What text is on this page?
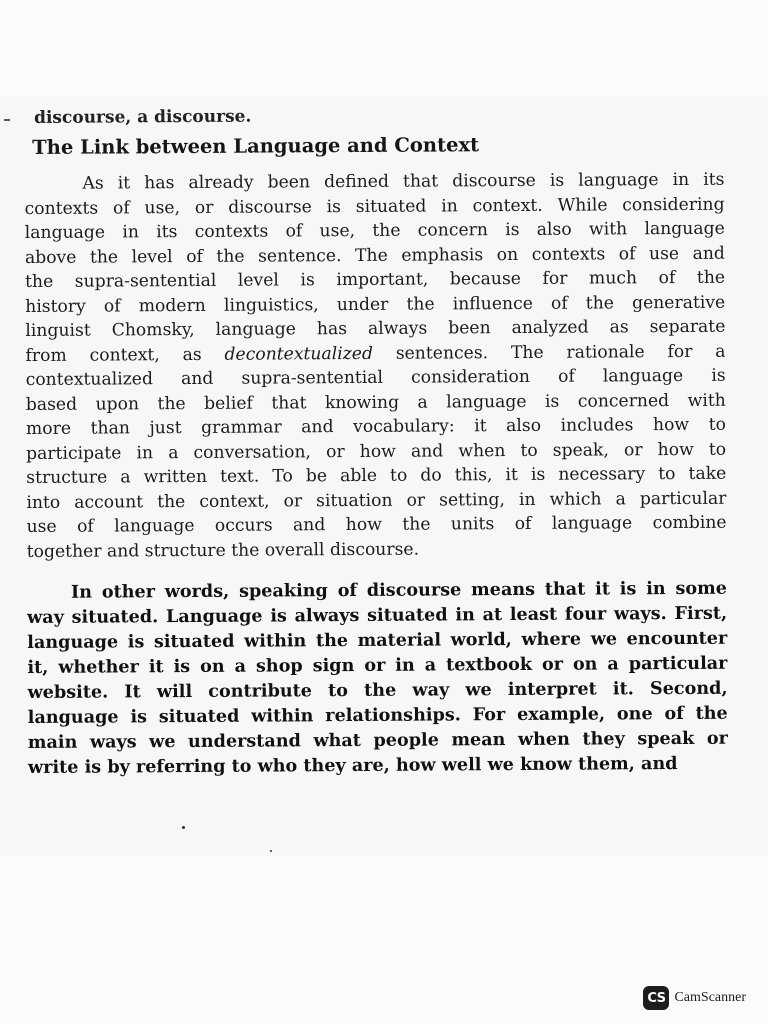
discourse, a discourse.
The Link between Language and Context

As it has already been defined that discourse is language in its
contexts of use, or discourse is situated in context. While considering
language in its contexts of use, the concern is also with language
above the level of the sentence. The emphasis on contexts of use and
the supra-sentential level is important, because for much of the
history of modern linguistics, under the influence of the generative
linguist Chomsky, language has always been analyzed as separate
from context, as decontextualized sentences. The rationale for a
contextualized and supra-sentential consideration of language is
based upon the belief that knowing a language is concerned with
more than just grammar and vocabulary: it also includes how to
participate in a conversation, or how and when to speak, or how to
structure a written text. To be able to do this, it is necessary to take
into account the context, or situation or setting, in which a particular
use of language occurs and how the units of language combine
together and structure the overall discourse.

In other words, speaking of discourse means that it is in some
way situated. Language is always situated in at least four ways. First,
language is situated within the material world, where we encounter
it, whether it is on a shop sign or in a textbook or on a particular
website. It will contribute to the way we interpret it. Second,
language is situated within relationships. For example, one of the
main ways we understand what people mean when they speak or
write is by referring to who they are, how well we know them, and

CS CamScanner
